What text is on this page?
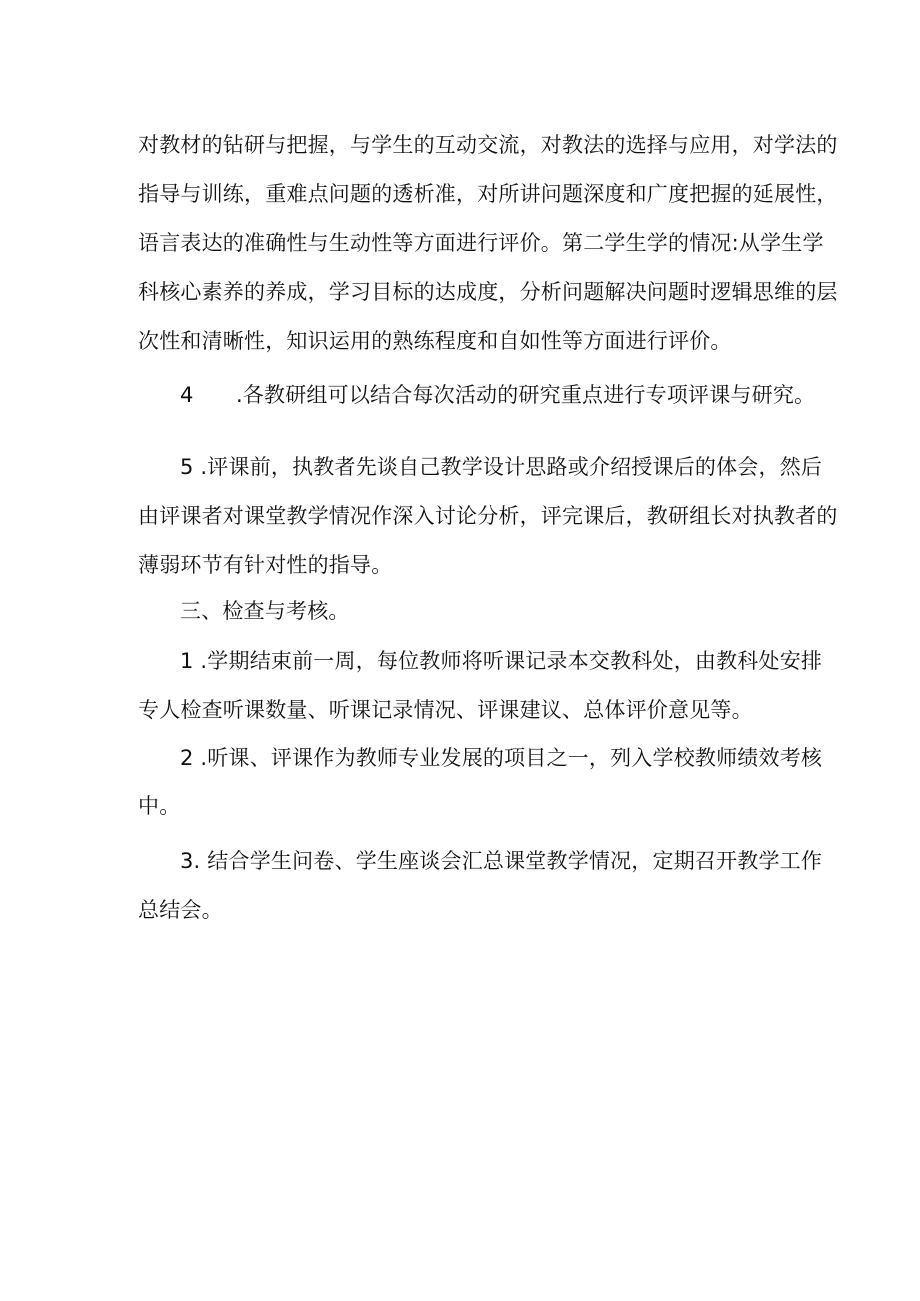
对教材的钻研与把握，与学生的互动交流，对教法的选择与应用，对学法的
指导与训练，重难点问题的透析准，对所讲问题深度和广度把握的延展性，
语言表达的准确性与生动性等方面进行评价。第二学生学的情况:从学生学
科核心素养的养成，学习目标的达成度，分析问题解决问题时逻辑思维的层
次性和清晰性，知识运用的熟练程度和自如性等方面进行评价。
4　　.各教研组可以结合每次活动的研究重点进行专项评课与研究。
5 .评课前，执教者先谈自己教学设计思路或介绍授课后的体会，然后
由评课者对课堂教学情况作深入讨论分析，评完课后，教研组长对执教者的
薄弱环节有针对性的指导。
三、检查与考核。
1 .学期结束前一周，每位教师将听课记录本交教科处，由教科处安排
专人检查听课数量、听课记录情况、评课建议、总体评价意见等。
2 .听课、评课作为教师专业发展的项目之一，列入学校教师绩效考核
中。
3. 结合学生问卷、学生座谈会汇总课堂教学情况，定期召开教学工作
总结会。
